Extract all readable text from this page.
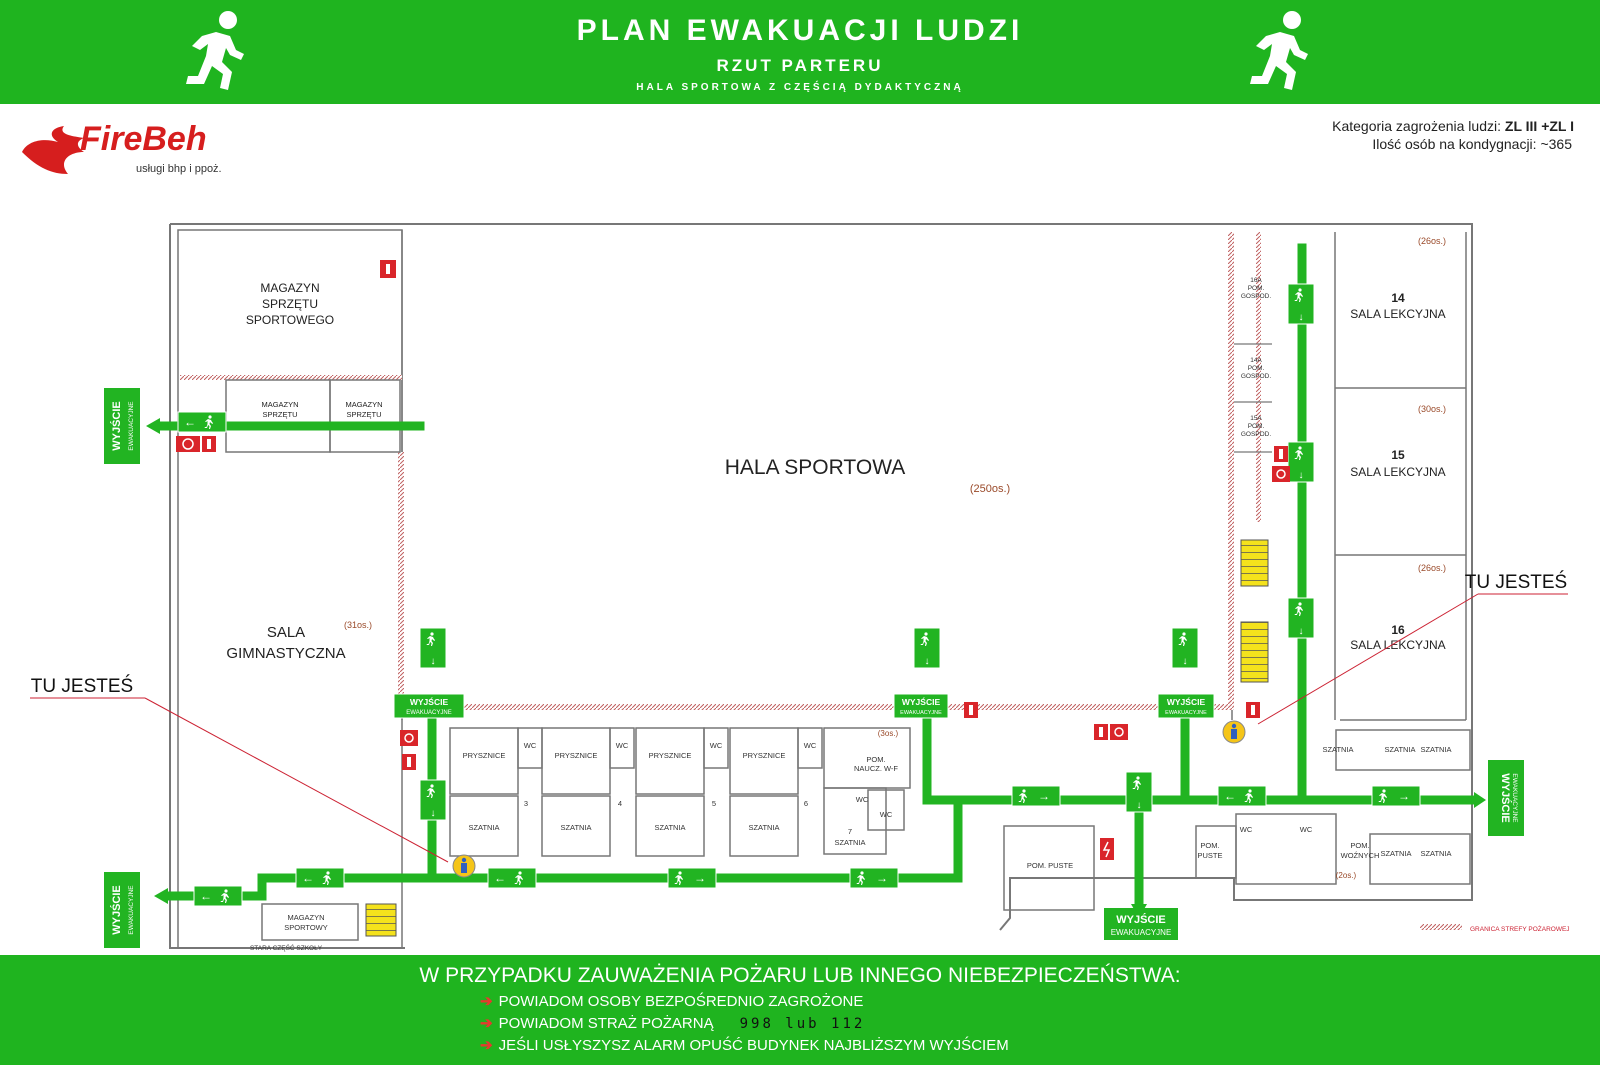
PLAN EWAKUACJI LUDZI
RZUT PARTERU
HALA SPORTOWA Z CZĘŚCIĄ DYDAKTYCZNĄ
FireBeh
usługi bhp i ppoż.
Kategoria zagrożenia ludzi: ZL III +ZL I
Ilość osób na kondygnacji: ~365
HALA SPORTOWA
(250os.)
MAGAZYN
SPRZĘTU
SPORTOWEGO
MAGAZYN
SPRZĘTU
SPORTOWEGO
MAGAZYN
SPRZĘTU
SPORTOWEGO
SALA
GIMNASTYCZNA
(31os.)
16A
POM.
GOSPOD.
14A
POM.
GOSPOD.
15A
POM.
GOSPOD.
14
SALA LEKCYJNA
15
SALA LEKCYJNA
16
SALA LEKCYJNA
(26os.)
(30os.)
(26os.)
PRYSZNICE	PRYSZNICE	PRYSZNICE	PRYSZNICE
WC	WC	WC	WC
SZATNIA	SZATNIA	SZATNIA	SZATNIA
3	4	5	6
POM.
NAUCZ. W-F
WC
WC
7
SZATNIA
(3os.)
POM. PUSTE
POM.
PUSTE
WC	WC
SZATNIA	SZATNIA SZATNIA
SZATNIA SZATNIA
POM.
WOŹNYCH
(2os.)
MAGAZYN
SPORTOWY
STARA CZĘŚĆ SZKOŁY
↓
↓
↓	↓
↓
↓
↓
↓
←	→	→
→	←	→
←
←
←
WYJŚCIE
EWAKUACYJNE
WYJŚCIE
EWAKUACYJNE
WYJŚCIE
EWAKUACYJNE
WYJŚCIE EWAKUACYJNE
WYJŚCIE EWAKUACYJNE
WYJŚCIE EWAKUACYJNE
WYJŚCIE
EWAKUACYJNE
TU JESTEŚ
TU JESTEŚ
GRANICA STREFY POŻAROWEJ
W PRZYPADKU ZAUWAŻENIA POŻARU LUB INNEGO NIEBEZPIECZEŃSTWA:
➔ POWIADOM OSOBY BEZPOŚREDNIO ZAGROŻONE
➔ POWIADOM STRAŻ POŻARNĄ 998 lub 112
➔ JEŚLI USŁYSZYSZ ALARM OPUŚĆ BUDYNEK NAJBLIŻSZYM WYJŚCIEM
